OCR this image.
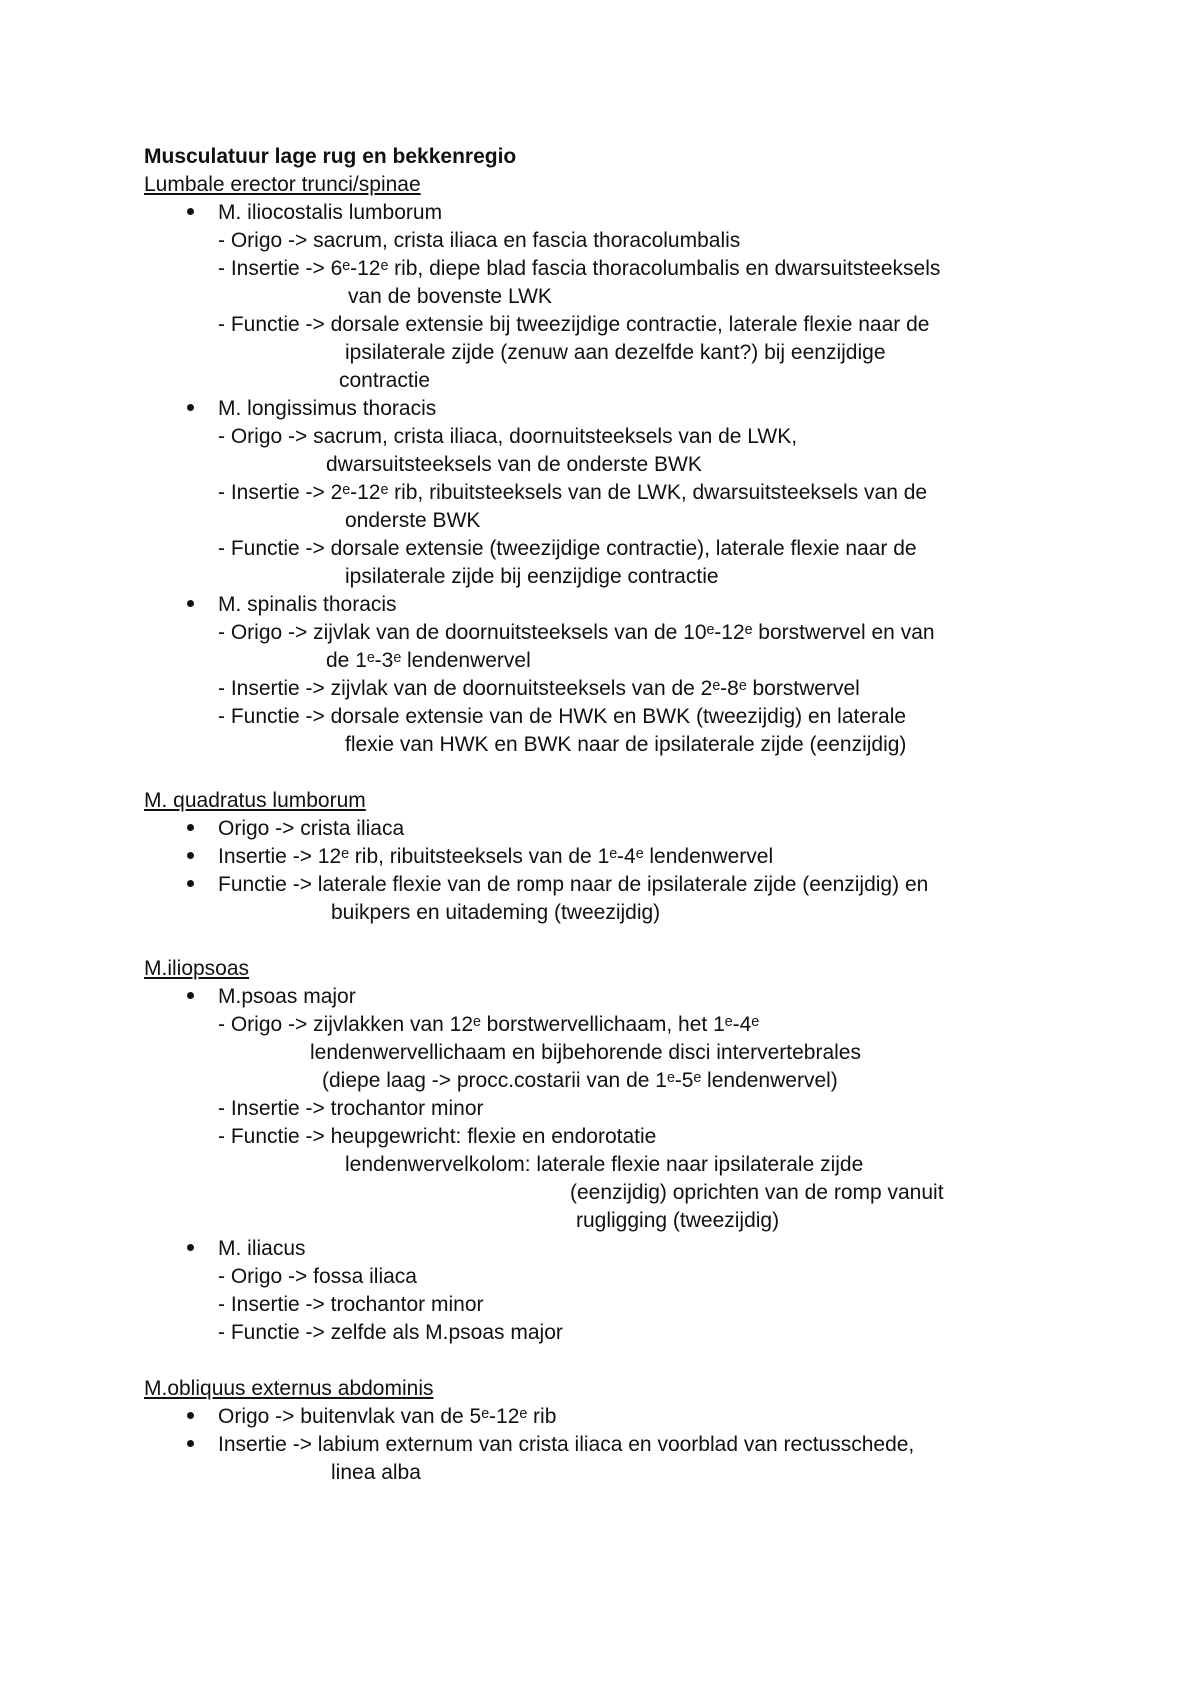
Musculatuur lage rug en bekkenregio
Lumbale erector trunci/spinae
M. iliocostalis lumborum
- Origo -> sacrum, crista iliaca en fascia thoracolumbalis
- Insertie -> 6ᵉ-12ᵉ rib, diepe blad fascia thoracolumbalis en dwarsuitsteeksels
van de bovenste LWK
- Functie -> dorsale extensie bij tweezijdige contractie, laterale flexie naar de
ipsilaterale zijde (zenuw aan dezelfde kant?) bij eenzijdige
contractie
M. longissimus thoracis
- Origo -> sacrum, crista iliaca, doornuitsteeksels van de LWK,
dwarsuitsteeksels van de onderste BWK
- Insertie -> 2ᵉ-12ᵉ rib, ribuitsteeksels van de LWK, dwarsuitsteeksels van de
onderste BWK
- Functie -> dorsale extensie (tweezijdige contractie), laterale flexie naar de
ipsilaterale zijde bij eenzijdige contractie
M. spinalis thoracis
- Origo -> zijvlak van de doornuitsteeksels van de 10ᵉ-12ᵉ borstwervel en van
de 1ᵉ-3ᵉ lendenwervel
- Insertie -> zijvlak van de doornuitsteeksels van de 2ᵉ-8ᵉ borstwervel
- Functie -> dorsale extensie van de HWK en BWK (tweezijdig) en laterale
flexie van HWK en BWK naar de ipsilaterale zijde (eenzijdig)
M. quadratus lumborum
Origo -> crista iliaca
Insertie -> 12ᵉ rib, ribuitsteeksels van de 1ᵉ-4ᵉ lendenwervel
Functie -> laterale flexie van de romp naar de ipsilaterale zijde (eenzijdig) en
buikpers en uitademing (tweezijdig)
M.iliopsoas
M.psoas major
- Origo -> zijvlakken van 12ᵉ borstwervellichaam, het 1ᵉ-4ᵉ
lendenwervellichaam en bijbehorende disci intervertebrales
(diepe laag -> procc.costarii van de 1ᵉ-5ᵉ lendenwervel)
- Insertie -> trochantor minor
- Functie -> heupgewricht: flexie en endorotatie
lendenwervelkolom: laterale flexie naar ipsilaterale zijde
(eenzijdig) oprichten van de romp vanuit
rugligging (tweezijdig)
M. iliacus
- Origo -> fossa iliaca
- Insertie -> trochantor minor
- Functie -> zelfde als M.psoas major
M.obliquus externus abdominis
Origo -> buitenvlak van de 5ᵉ-12ᵉ rib
Insertie -> labium externum van crista iliaca en voorblad van rectusschede,
linea alba
